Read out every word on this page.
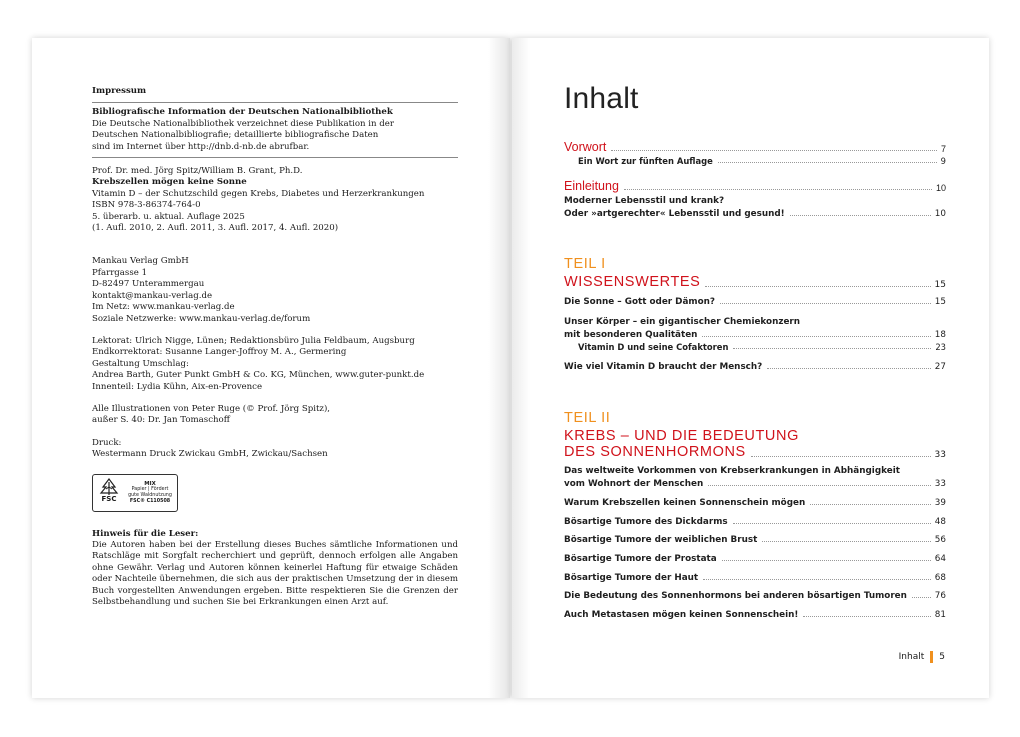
Impressum
Bibliografische Information der Deutschen Nationalbibliothek
Die Deutsche Nationalbibliothek verzeichnet diese Publikation in der
Deutschen Nationalbibliografie; detaillierte bibliografische Daten
sind im Internet über http://dnb.d-nb.de abrufbar.
Prof. Dr. med. Jörg Spitz/William B. Grant, Ph.D.
Krebszellen mögen keine Sonne
Vitamin D – der Schutzschild gegen Krebs, Diabetes und Herzerkrankungen
ISBN 978-3-86374-764-0
5. überarb. u. aktual. Auflage 2025
(1. Aufl. 2010, 2. Aufl. 2011, 3. Aufl. 2017, 4. Aufl. 2020)
Mankau Verlag GmbH
Pfarrgasse 1
D-82497 Unterammergau
kontakt@mankau-verlag.de
Im Netz: www.mankau-verlag.de
Soziale Netzwerke: www.mankau-verlag.de/forum
Lektorat: Ulrich Nigge, Lünen; Redaktionsbüro Julia Feldbaum, Augsburg
Endkorrektorat: Susanne Langer-Joffroy M. A., Germering
Gestaltung Umschlag:
Andrea Barth, Guter Punkt GmbH & Co. KG, München, www.guter-punkt.de
Innenteil: Lydia Kühn, Aix-en-Provence
Alle Illustrationen von Peter Ruge (© Prof. Jörg Spitz),
außer S. 40: Dr. Jan Tomaschoff
Druck:
Westermann Druck Zwickau GmbH, Zwickau/Sachsen
FSC
MIX
Papier | Fördert
gute Waldnutzung
FSC® C110508
Hinweis für die Leser:
Die Autoren haben bei der Erstellung dieses Buches sämtliche Informationen und Ratschläge mit Sorgfalt recherchiert und geprüft, dennoch erfolgen alle Angaben ohne Gewähr. Verlag und Autoren können keinerlei Haftung für etwaige Schäden oder Nachteile übernehmen, die sich aus der praktischen Umsetzung der in diesem Buch vorgestellten Anwendungen ergeben. Bitte respektieren Sie die Grenzen der Selbstbehandlung und suchen Sie bei Erkrankungen einen Arzt auf.
Inhalt
Vorwort	7
Ein Wort zur fünften Auflage	9
Einleitung	10
Moderner Lebensstil und krank?
Oder »artgerechter« Lebensstil und gesund!	10
TEIL I
WISSENSWERTES	15
Die Sonne – Gott oder Dämon?	15
Unser Körper – ein gigantischer Chemiekonzern
mit besonderen Qualitäten	18
Vitamin D und seine Cofaktoren	23
Wie viel Vitamin D braucht der Mensch?	27
TEIL II
KREBS – UND DIE BEDEUTUNG
DES SONNENHORMONS	33
Das weltweite Vorkommen von Krebserkrankungen in Abhängigkeit
vom Wohnort der Menschen	33
Warum Krebszellen keinen Sonnenschein mögen	39
Bösartige Tumore des Dickdarms	48
Bösartige Tumore der weiblichen Brust	56
Bösartige Tumore der Prostata	64
Bösartige Tumore der Haut	68
Die Bedeutung des Sonnenhormons bei anderen bösartigen Tumoren	76
Auch Metastasen mögen keinen Sonnenschein!	81
Inhalt 5
